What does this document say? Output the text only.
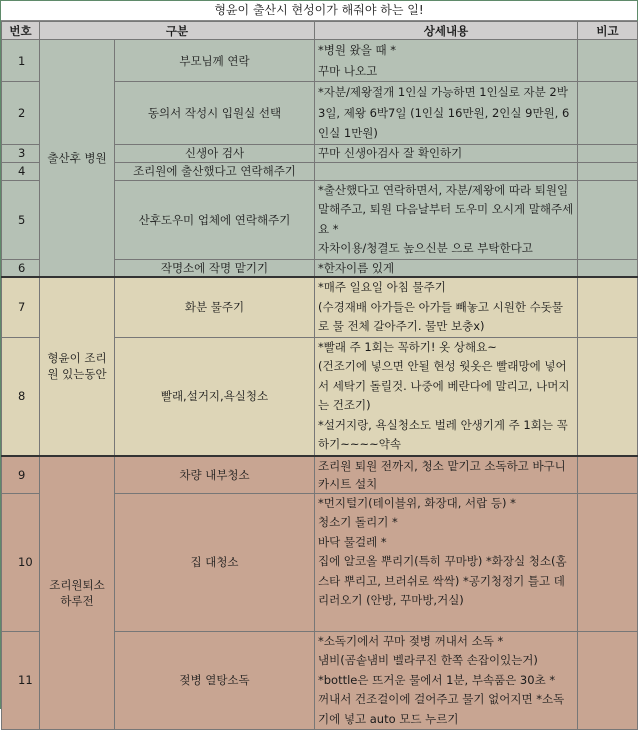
형윤이 출산시 현성이가 해줘야 하는 일!
번호	구분		상세내용	비고
1	출산후 병원	부모님께 연락	*병원 왔을 때 *
꾸마 나오고	
2		동의서 작성시 입원실 선택	*자분/제왕절개 1인실 가능하면 1인실로 자분 2박3일, 제왕 6박7일 (1인실 16만원, 2인실 9만원, 6인실 1만원)	
3		신생아 검사	꾸마 신생아검사 잘 확인하기	
4		조리원에 출산했다고 연락해주기		
5		산후도우미 업체에 연락해주기	*출산했다고 연락하면서, 자분/제왕에 따라 퇴원일 말해주고, 퇴원 다음날부터 도우미 오시게 말해주세요 *
자차이용/청결도 높으신분 으로 부탁한다고	
6		작명소에 작명 맡기기	*한자이름 있게	
7	형윤이 조리원 있는동안	화분 물주기	*매주 일요일 아침 물주기
(수경재배 아가들은 아가들 빼놓고 시원한 수돗물로 물 전체 갈아주기. 물만 보충x)	
8		빨래,설거지,욕실청소	*빨래 주 1회는 꼭하기! 옷 상해요~
(건조기에 넣으면 안될 현성 웟옷은 빨래망에 넣어서 세탁기 돌릴것. 나중에 베란다에 말리고, 나머지는 건조기)
*설거지랑, 욕실청소도 벌레 안생기게 주 1회는 꼭 하기~~~~약속	
9	조리원퇴소 하루전	차량 내부청소	조리원 퇴원 전까지, 청소 맡기고 소독하고 바구니 카시트 설치	
10		집 대청소	*먼지털기(테이블위, 화장대, 서랍 등) *
청소기 돌리기 *
바닥 물걸레 *
집에 알코올 뿌리기(특히 꾸마방) *화장실 청소(홈스타 뿌리고, 브러쉬로 싹싹) *공기청정기 틀고 데리러오기 (안방, 꾸마방,거실)	
11		젖병 열탕소독	*소독기에서 꾸마 젖병 꺼내서 소독 *
냄비(곰솥냄비 벨라쿠진 한쪽 손잡이있는거)
*bottle은 뜨거운 물에서 1분, 부속품은 30초 *
꺼내서 건조걸이에 걸어주고 물기 없어지면 *소독기에 넣고 auto 모드 누르기	
